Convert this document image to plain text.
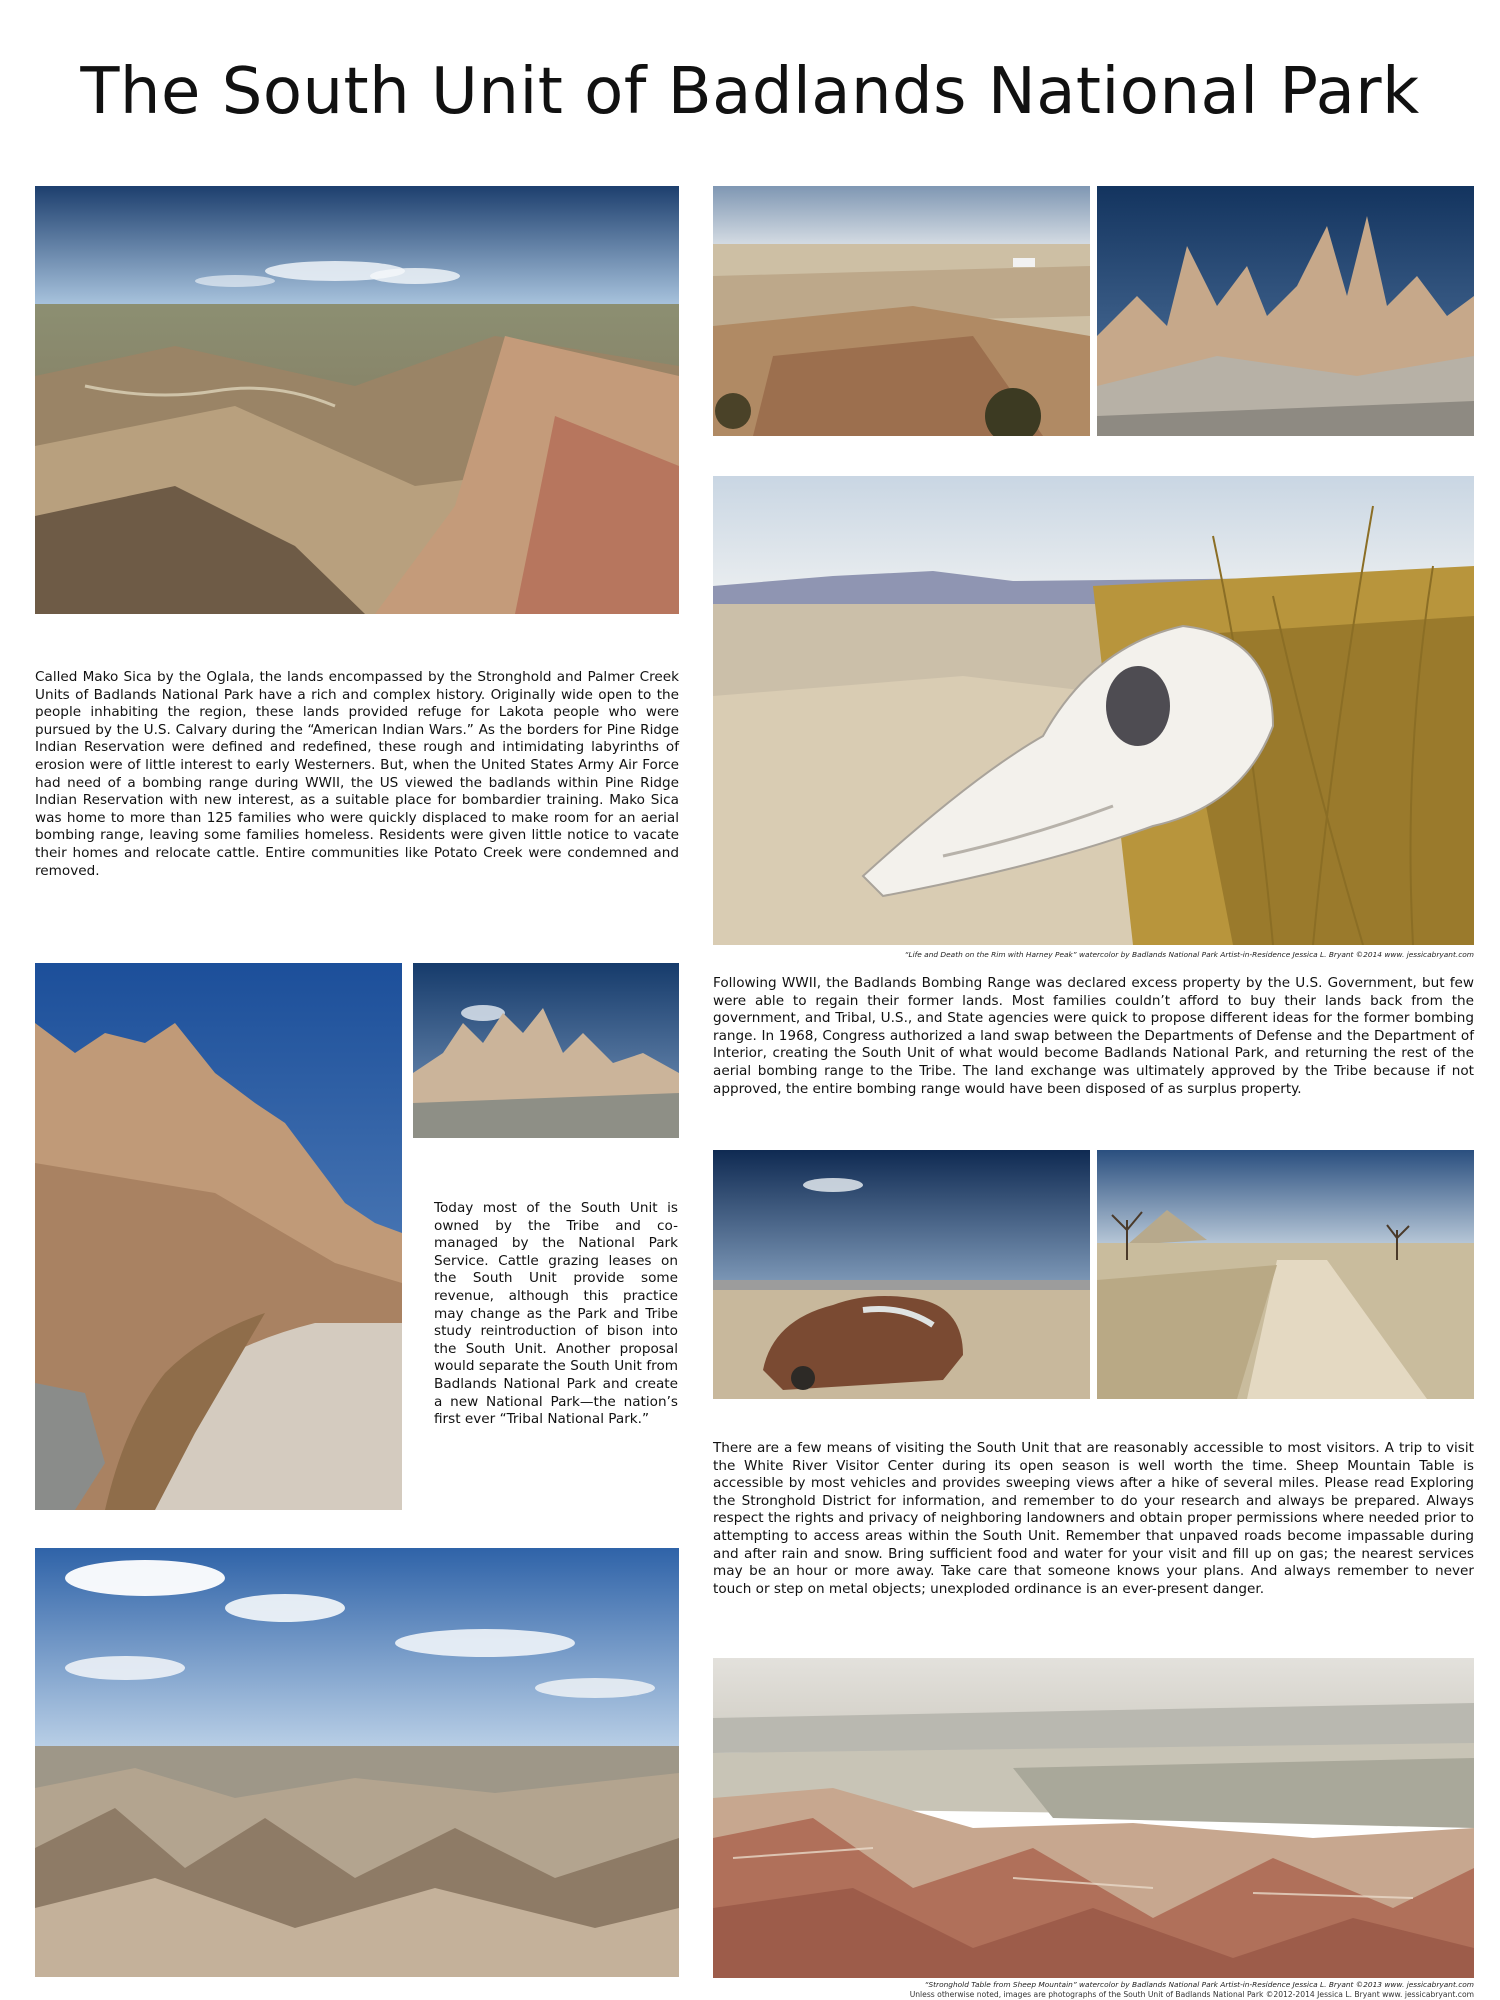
The South Unit of Badlands National Park

“Life and Death on the Rim with Harney Peak” watercolor by Badlands National Park Artist-in-Residence Jessica L. Bryant ©2014 www. jessicabryant.com

Called Mako Sica by the Oglala, the lands encompassed by the Stronghold and Palmer Creek Units of Badlands National Park have a rich and complex history. Originally wide open to the people inhabiting the region, these lands provided refuge for Lakota people who were pursued by the U.S. Calvary during the “American Indian Wars.” As the borders for Pine Ridge Indian Reservation were defined and redefined, these rough and intimidating labyrinths of erosion were of little interest to early Westerners. But, when the United States Army Air Force had need of a bombing range during WWII, the US viewed the badlands within Pine Ridge Indian Reservation with new interest, as a suitable place for bombardier training. Mako Sica was home to more than 125 families who were quickly displaced to make room for an aerial bombing range, leaving some families homeless. Residents were given little notice to vacate their homes and relocate cattle. Entire communities like Potato Creek were condemned and removed.

Today most of the South Unit is owned by the Tribe and co-managed by the National Park Service. Cattle grazing leases on the South Unit provide some revenue, although this practice may change as the Park and Tribe study reintroduction of bison into the South Unit. Another proposal would separate the South Unit from Badlands National Park and create a new National Park—the nation’s first ever “Tribal National Park.”

Following WWII, the Badlands Bombing Range was declared excess property by the U.S. Government, but few were able to regain their former lands. Most families couldn’t afford to buy their lands back from the government, and Tribal, U.S., and State agencies were quick to propose different ideas for the former bombing range. In 1968, Congress authorized a land swap between the Departments of Defense and the Department of Interior, creating the South Unit of what would become Badlands National Park, and returning the rest of the aerial bombing range to the Tribe. The land exchange was ultimately approved by the Tribe because if not approved, the entire bombing range would have been disposed of as surplus property.

There are a few means of visiting the South Unit that are reasonably accessible to most visitors. A trip to visit the White River Visitor Center during its open season is well worth the time. Sheep Mountain Table is accessible by most vehicles and provides sweeping views after a hike of several miles. Please read Exploring the Stronghold District for information, and remember to do your research and always be prepared. Always respect the rights and privacy of neighboring landowners and obtain proper permissions where needed prior to attempting to access areas within the South Unit. Remember that unpaved roads become impassable during and after rain and snow. Bring sufficient food and water for your visit and fill up on gas; the nearest services may be an hour or more away. Take care that someone knows your plans. And always remember to never touch or step on metal objects; unexploded ordinance is an ever-present danger.

“Stronghold Table from Sheep Mountain” watercolor by Badlands National Park Artist-in-Residence Jessica L. Bryant ©2013 www. jessicabryant.com

Unless otherwise noted, images are photographs of the South Unit of Badlands National Park ©2012-2014 Jessica L. Bryant www. jessicabryant.com
